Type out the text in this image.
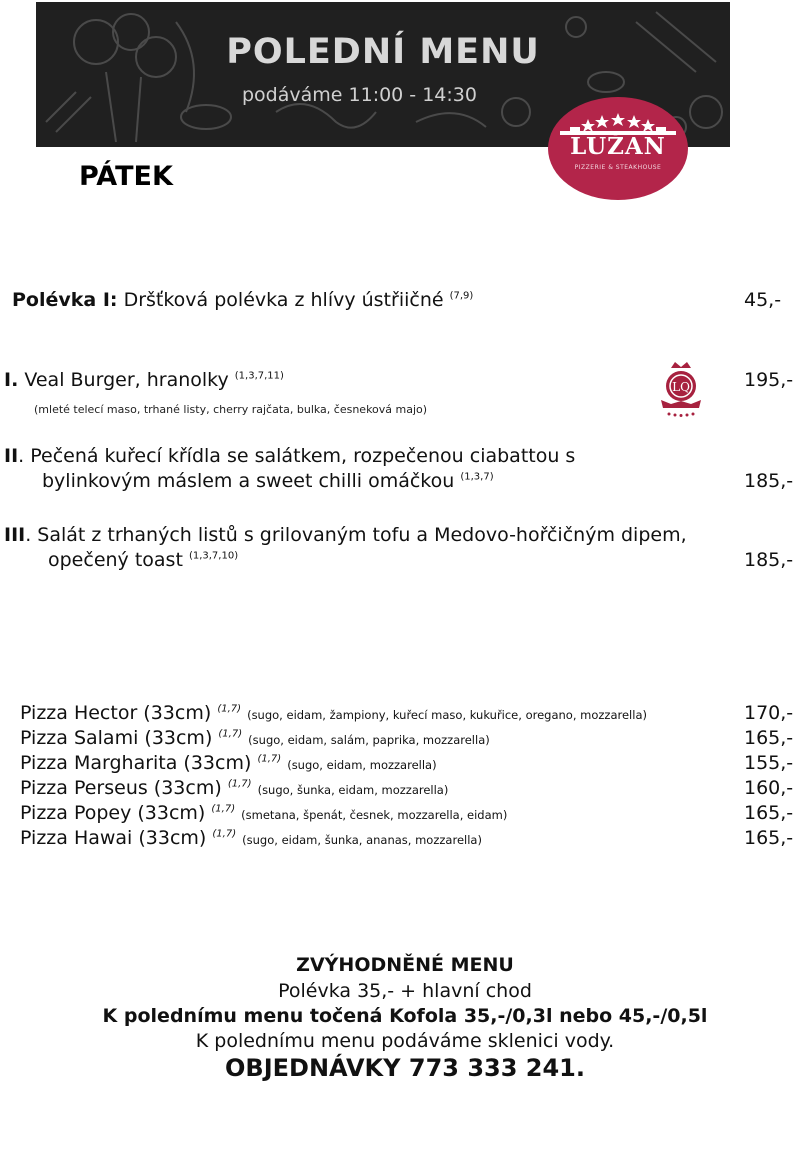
POLEDNÍ MENU
podáváme 11:00 - 14:30
LUŽAN
PIZZERIE & STEAKHOUSE
PÁTEK
Polévka I: Dršťková polévka z hlívy ústřiičné $^{(7,9)}$	45,-
I. Veal Burger, hranolky $^{(1,3,7,11)}$
(mleté telecí maso, trhané listy, cherry rajčata, bulka, česneková majo)
LQ	195,-
II. Pečená kuřecí křídla se salátkem, rozpečenou ciabattou s
bylinkovým máslem a sweet chilli omáčkou $^{(1,3,7)}$	185,-
III. Salát z trhaných listů s grilovaným tofu a Medovo-hořčičným dipem,
opečený toast $^{(1,3,7,10)}$	185,-
Pizza Hector (33cm) $^{(1,7)}$ (sugo, eidam, žampiony, kuřecí maso, kukuřice, oregano, mozzarella)	170,-
Pizza Salami (33cm) $^{(1,7)}$ (sugo, eidam, salám, paprika, mozzarella)	165,-
Pizza Margharita (33cm) $^{(1,7)}$ (sugo, eidam, mozzarella)	155,-
Pizza Perseus (33cm) $^{(1,7)}$ (sugo, šunka, eidam, mozzarella)	160,-
Pizza Popey (33cm) $^{(1,7)}$ (smetana, špenát, česnek, mozzarella, eidam)	165,-
Pizza Hawai (33cm) $^{(1,7)}$ (sugo, eidam, šunka, ananas, mozzarella)	165,-
ZVÝHODNĚNÉ MENU
Polévka 35,- + hlavní chod
K polednímu menu točená Kofola 35,-/0,3l nebo 45,-/0,5l
K polednímu menu podáváme sklenici vody.
OBJEDNÁVKY 773 333 241.
